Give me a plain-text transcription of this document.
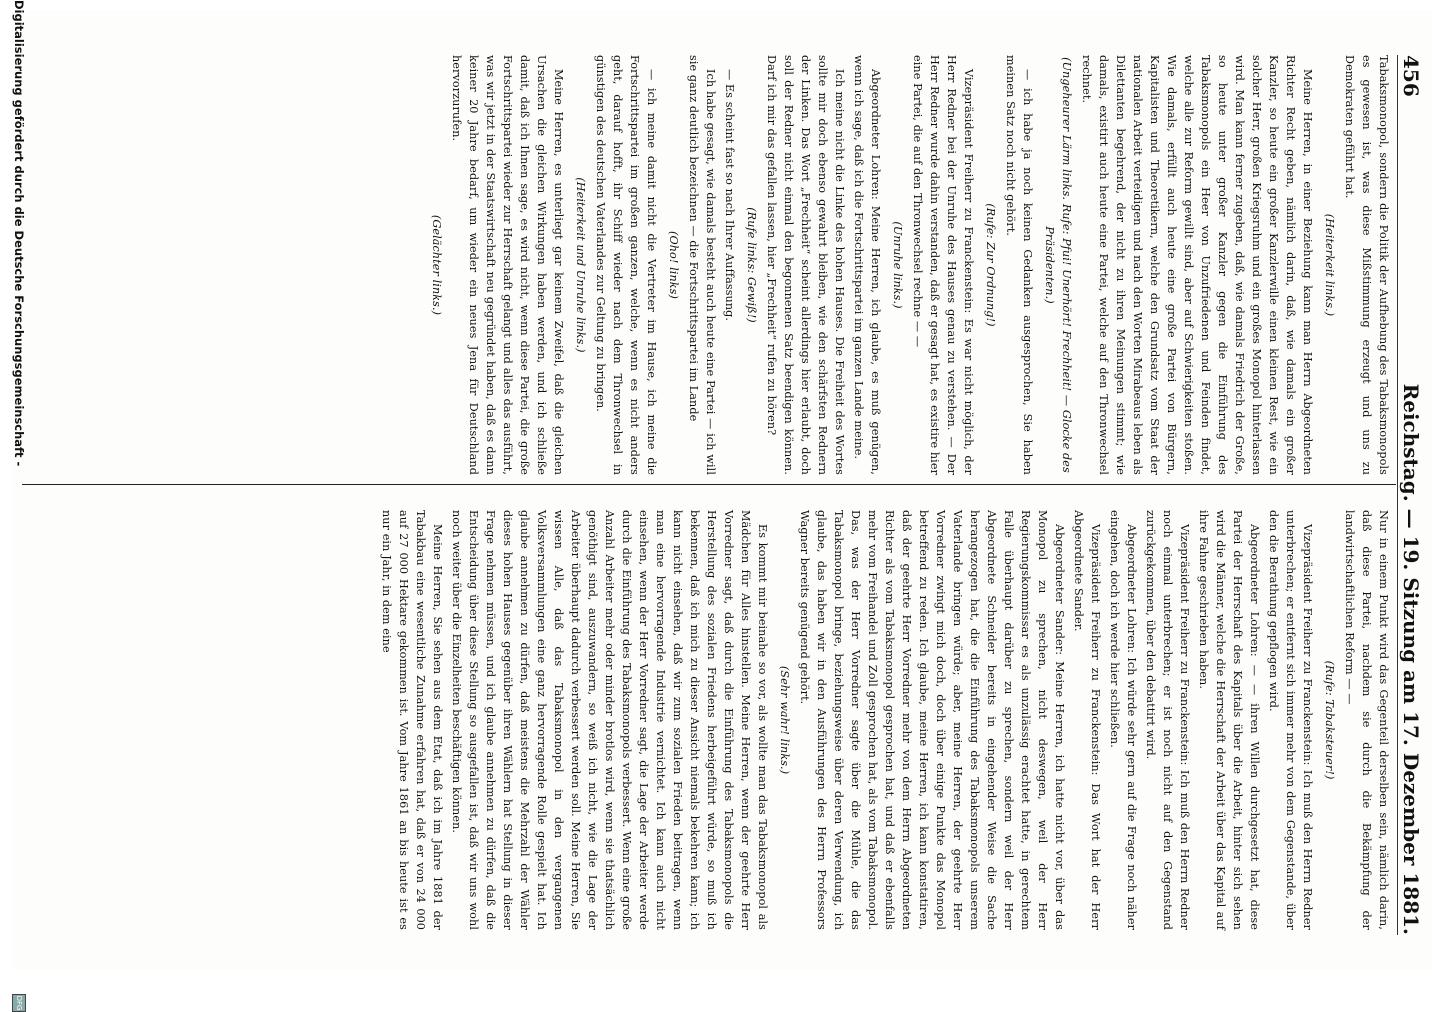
456
Reichstag. — 19. Sitzung am 17. Dezember 1881.

Tabaksmonopol, sondern die Politik der Aufhebung des Tabaksmonopols es gewesen ist, was diese Mißstimmung erzeugt und uns zu Demokraten geführt hat.

(Heiterkeit links.)

Meine Herren, in einer Beziehung kann man Herrn Abgeordneten Richter Recht geben, nämlich darin, daß, wie damals ein großer Kanzler, so heute ein großer Kanzlerwille einen kleinen Rest, wie ein solcher Herr, großen Kriegsruhm und ein großes Monopol hinterlassen wird. Man kann ferner zugeben, daß, wie damals Friedrich der Große, so heute unter großer Kanzler gegen die Einführung des Tabaksmonopols ein Heer von Unzufriedenen und Feinden findet, welche alle zur Reform gewillt sind, aber auf Schwierigkeiten stoßen. Wie damals, erfüllt auch heute eine große Partei von Bürgern, Kapitalisten und Theoretikern, welche den Grundsatz vom Staat der nationalen Arbeit verteidigen und nach den Worten Mirabeaus leben als Dilettanten begehrend, der nicht zu ihren Meinungen stimmt; wie damals, existirt auch heute eine Partei, welche auf den Thronwechsel rechnet.

(Ungeheurer Lärm links. Rufe: Pfui! Unerhört! Frechheit! — Glocke des Präsidenten.)

— ich habe ja noch keinen Gedanken ausgesprochen, Sie haben meinen Satz noch nicht gehört.

(Rufe: Zur Ordnung!)

Vizepräsident Freiherr zu Franckenstein: Es war nicht möglich, der Herr Redner bei der Unruhe des Hauses genau zu verstehen. — Der Herr Redner wurde dahin verstanden, daß er gesagt hat, es existire hier eine Partei, die auf den Thronwechsel rechne — —

(Unruhe links.)

Abgeordneter Lohren: Meine Herren, ich glaube, es muß genügen, wenn ich sage, daß ich die Fortschrittspartei im ganzen Lande meine.

Ich meine nicht die Linke des hohen Hauses. Die Freiheit des Wortes sollte mir doch ebenso gewahrt bleiben, wie den schärfsten Rednern der Linken. Das Wort „Frechheit“ scheint allerdings hier erlaubt, doch soll der Redner nicht einmal den begonnenen Satz beendigen können. Darf ich mir das gefallen lassen, hier „Frechheit“ rufen zu hören?

(Rufe links: Gewiß!)

— Es scheint fast so nach Ihrer Auffassung.

Ich habe gesagt, wie damals besteht auch heute eine Partei — ich will sie ganz deutlich bezeichnen — die Fortschrittspartei im Lande

(Oho! links)

— ich meine damit nicht die Vertreter im Hause, ich meine die Fortschrittspartei im großen ganzen, welche, wenn es nicht anders geht, darauf hofft, ihr Schiff wieder nach dem Thronwechsel in günstigen des deutschen Vaterlandes zur Geltung zu bringen.

(Heiterkeit und Unruhe links.)

Meine Herren, es unterliegt gar keinem Zweifel, daß die gleichen Ursachen die gleichen Wirkungen haben werden, und ich schließe damit, daß ich Ihnen sage, es wird nicht, wenn diese Partei, die große Fortschrittspartei wieder zur Herrschaft gelangt und alles das ausführt, was wir jetzt in der Staatswirtschaft neu gegründet haben, daß es dann keiner 20 Jahre bedarf, um wieder ein neues Jena für Deutschland hervorzurufen.

(Gelächter links.)

Nur in einem Punkt wird das Gegenteil derselben sein, nämlich darin, daß diese Partei, nachdem sie durch die Bekämpfung der landwirtschaftlichen Reform — —

(Rufe: Tabaksteuer!)

Vizepräsident Freiherr zu Franckenstein: Ich muß den Herrn Redner unterbrechen; er entfernt sich immer mehr von dem Gegenstande, über den die Berathung gepflogen wird.

Abgeordneter Lohren: — — ihren Willen durchgesetzt hat, diese Partei der Herrschaft des Kapitals über die Arbeit, hinter sich sehen wird die Männer, welche die Herrschaft der Arbeit über das Kapital auf ihre Fahne geschrieben haben.

Vizepräsident Freiherr zu Franckenstein: Ich muß den Herrn Redner noch einmal unterbrechen; er ist noch nicht auf den Gegenstand zurückgekommen, über den debattirt wird.

Abgeordneter Lohren: Ich würde sehr gern auf die Frage noch näher eingehen, doch ich werde hier schließen.

Vizepräsident Freiherr zu Franckenstein: Das Wort hat der Herr Abgeordnete Sander.

Abgeordneter Sander: Meine Herren, ich hatte nicht vor, über das Monopol zu sprechen, nicht deswegen, weil der Herr Regierungskommissar es als unzulässig erachtet hatte, in gerechtem Falle überhaupt darüber zu sprechen, sondern weil der Herr Abgeordnete Schneider bereits in eingehender Weise die Sache herangezogen hat, die die Einführung des Tabaksmonopols unserem Vaterlande bringen würde; aber, meine Herren, der geehrte Herr Vorredner zwingt mich doch, doch über einige Punkte das Monopol betreffend zu reden. Ich glaube, meine Herren, ich kann konstatiren, daß der geehrte Herr Vorredner mehr von dem Herrn Abgeordneten Richter als vom Tabaksmonopol gesprochen hat, und daß er ebenfalls mehr vom Freihandel und Zoll gesprochen hat, als vom Tabaksmonopol. Das, was der Herr Vorredner sagte über die Mühle, die das Tabaksmonopol bringe, beziehungsweise über deren Verwendung, ich glaube, das haben wir in den Ausführungen des Herrn Professors Wagner bereits genügend gehört.

(Sehr wahr! links.)

Es kommt mir beinahe so vor, als wollte man das Tabaksmonopol als Mädchen für Alles hinstellen. Meine Herren, wenn der geehrte Herr Vorredner sagt, daß durch die Einführung des Tabaksmonopols die Herstellung des sozialen Friedens herbeigeführt würde, so muß ich bekennen, daß ich mich zu dieser Ansicht niemals bekehren kann; ich kann nicht einsehen, daß wir zum sozialen Frieden beitragen, wenn man eine hervorragende Industrie vernichtet. Ich kann auch nicht einsehen, wenn der Herr Vorredner sagt, die Lage der Arbeiter werde durch die Einführung des Tabaksmonopols verbessert. Wenn eine große Anzahl Arbeiter mehr oder minder brotlos wird, wenn sie thatsächlich genöthigt sind, auszuwandern, so weiß ich nicht, wie die Lage der Arbeiter überhaupt dadurch verbessert werden soll. Meine Herren, Sie wissen Alle, daß das Tabaksmonopol in den vergangenen Volksversammlungen eine ganz hervorragende Rolle gespielt hat. Ich glaube annehmen zu dürfen, daß meistens die Mehrzahl der Wähler dieses hohen Hauses gegenüber ihren Wählern hat Stellung in dieser Frage nehmen müssen, und ich glaube annehmen zu dürfen, daß die Entscheidung über diese Stellung so ausgefallen ist, daß wir uns wohl noch weiter über die Einzelheiten beschäftigen können.

Meine Herren, Sie sehen aus dem Etat, daß ich im Jahre 1881 der Tabakbau eine wesentliche Zunahme erfahren hat, daß er von 24 000 auf 27 000 Hektare gekommen ist. Vom Jahre 1861 an bis heute ist es nur ein Jahr, in dem eine

Digitalisierung gefördert durch die Deutsche Forschungsgemeinschaft -
DFG
